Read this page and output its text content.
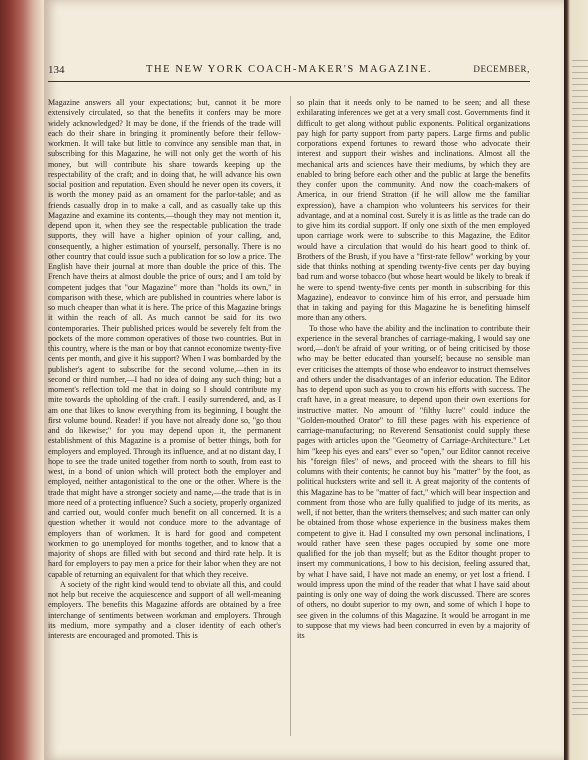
134	THE NEW YORK COACH-MAKER'S MAGAZINE.	DECEMBER,

Magazine answers all your expectations; but, cannot it be more extensively circulated, so that the benefits it confers may be more widely acknowledged? It may be done, if the friends of the trade will each do their share in bringing it prominently before their fellow-workmen. It will take but little to convince any sensible man that, in subscribing for this Magazine, he will not only get the worth of his money, but will contribute his share towards keeping up the respectability of the craft; and in doing that, he will advance his own social position and reputation. Even should he never open its covers, it is worth the money paid as an ornament for the parlor-table; and as friends casually drop in to make a call, and as casually take up this Magazine and examine its contents,—though they may not mention it, depend upon it, when they see the respectable publication the trade supports, they will have a higher opinion of your calling, and, consequently, a higher estimation of yourself, personally. There is no other country that could issue such a publication for so low a price. The English have their journal at more than double the price of this. The French have theirs at almost double the price of ours; and I am told by competent judges that "our Magazine" more than "holds its own," in comparison with these, which are published in countries where labor is so much cheaper than what it is here. The price of this Magazine brings it within the reach of all. As much cannot be said for its two contemporaries. Their published prices would be severely felt from the pockets of the more common operatives of those two countries. But in this country, where is the man or boy that cannot economize twenty-five cents per month, and give it his support? When I was bombarded by the publisher's agent to subscribe for the second volume,—then in its second or third number,—I had no idea of doing any such thing; but a moment's reflection told me that in doing so I should contribute my mite towards the upholding of the craft. I easily surrendered, and, as I am one that likes to know everything from its beginning, I bought the first volume bound. Reader! if you have not already done so, "go thou and do likewise;" for you may depend upon it, the permanent establishment of this Magazine is a promise of better things, both for employers and employed. Through its influence, and at no distant day, I hope to see the trade united together from north to south, from east to west, in a bond of union which will protect both the employer and employed, neither antagonistical to the one or the other. Where is the trade that might have a stronger society and name,—the trade that is in more need of a protecting influence? Such a society, properly organized and carried out, would confer much benefit on all concerned. It is a question whether it would not conduce more to the advantage of employers than of workmen. It is hard for good and competent workmen to go unemployed for months together, and to know that a majority of shops are filled with but second and third rate help. It is hard for employers to pay men a price for their labor when they are not capable of returning an equivalent for that which they receive.

A society of the right kind would tend to obviate all this, and could not help but receive the acquiescence and support of all well-meaning employers. The benefits this Magazine affords are obtained by a free interchange of sentiments between workman and employers. Through its medium, more sympathy and a closer identity of each other's interests are encouraged and promoted. This is

so plain that it needs only to be named to be seen; and all these exhilarating inferences we get at a very small cost. Governments find it difficult to get along without public exponents. Political organizations pay high for party support from party papers. Large firms and public corporations expend fortunes to reward those who advocate their interest and support their wishes and inclinations. Almost all the mechanical arts and sciences have their mediums, by which they are enabled to bring before each other and the public at large the benefits they confer upon the community. And now the coach-makers of America, in our friend Stratton (if he will allow me the familiar expression), have a champion who volunteers his services for their advantage, and at a nominal cost. Surely it is as little as the trade can do to give him its cordial support. If only one sixth of the men employed upon carriage work were to subscribe to this Magazine, the Editor would have a circulation that would do his heart good to think of. Brothers of the Brush, if you have a "first-rate fellow" working by your side that thinks nothing at spending twenty-five cents per day buying bad rum and worse tobacco (but whose heart would be likely to break if he were to spend twenty-five cents per month in subscribing for this Magazine), endeavor to convince him of his error, and persuade him that in taking and paying for this Magazine he is benefiting himself more than any others.

To those who have the ability and the inclination to contribute their experience in the several branches of carriage-making, I would say one word,—don't be afraid of your writing, or of being criticised by those who may be better educated than yourself; because no sensible man ever criticises the attempts of those who endeavor to instruct themselves and others under the disadvantages of an inferior education. The Editor has to depend upon such as you to crown his efforts with success. The craft have, in a great measure, to depend upon their own exertions for instructive matter. No amount of "filthy lucre" could induce the "Golden-mouthed Orator" to fill these pages with his experience of carriage-manufacturing; no Reverend Sensationist could supply these pages with articles upon the "Geometry of Carriage-Architecture." Let him "keep his eyes and ears" ever so "open," our Editor cannot receive his "foreign files" of news, and proceed with the shears to fill his columns with their contents; he cannot buy his "matter" by the foot, as political hucksters write and sell it. A great majority of the contents of this Magazine has to be "matter of fact," which will bear inspection and comment from those who are fully qualified to judge of its merits, as well, if not better, than the writers themselves; and such matter can only be obtained from those whose experience in the business makes them competent to give it. Had I consulted my own personal inclinations, I would rather have seen these pages occupied by some one more qualified for the job than myself; but as the Editor thought proper to insert my communications, I bow to his decision, feeling assured that, by what I have said, I have not made an enemy, or yet lost a friend. I would impress upon the mind of the reader that what I have said about painting is only one way of doing the work discussed. There are scores of others, no doubt superior to my own, and some of which I hope to see given in the columns of this Magazine. It would be arrogant in me to suppose that my views had been concurred in even by a majority of its
